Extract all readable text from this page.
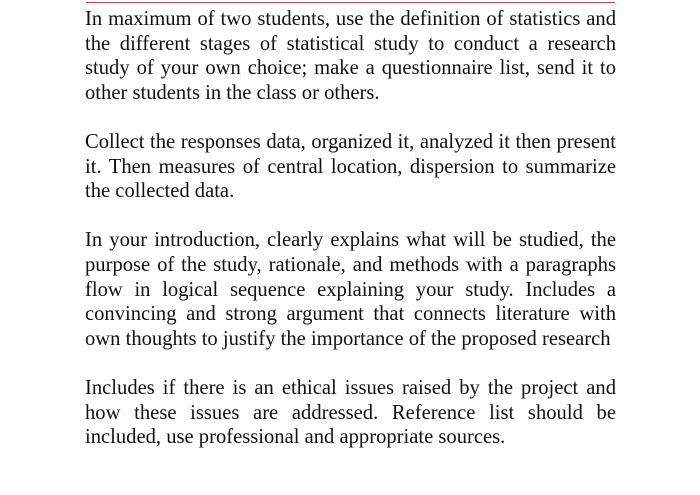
In maximum of two students, use the definition of statistics and the different stages of statistical study to conduct a research study of your own choice; make a questionnaire list, send it to other students in the class or others.

Collect the responses data, organized it, analyzed it then present it. Then measures of central location, dispersion to summarize the collected data.

In your introduction, clearly explains what will be studied, the purpose of the study, rationale, and methods with a paragraphs flow in logical sequence explaining your study. Includes a convincing and strong argument that connects literature with own thoughts to justify the importance of the proposed research

Includes if there is an ethical issues raised by the project and how these issues are addressed. Reference list should be included, use professional and appropriate sources.
